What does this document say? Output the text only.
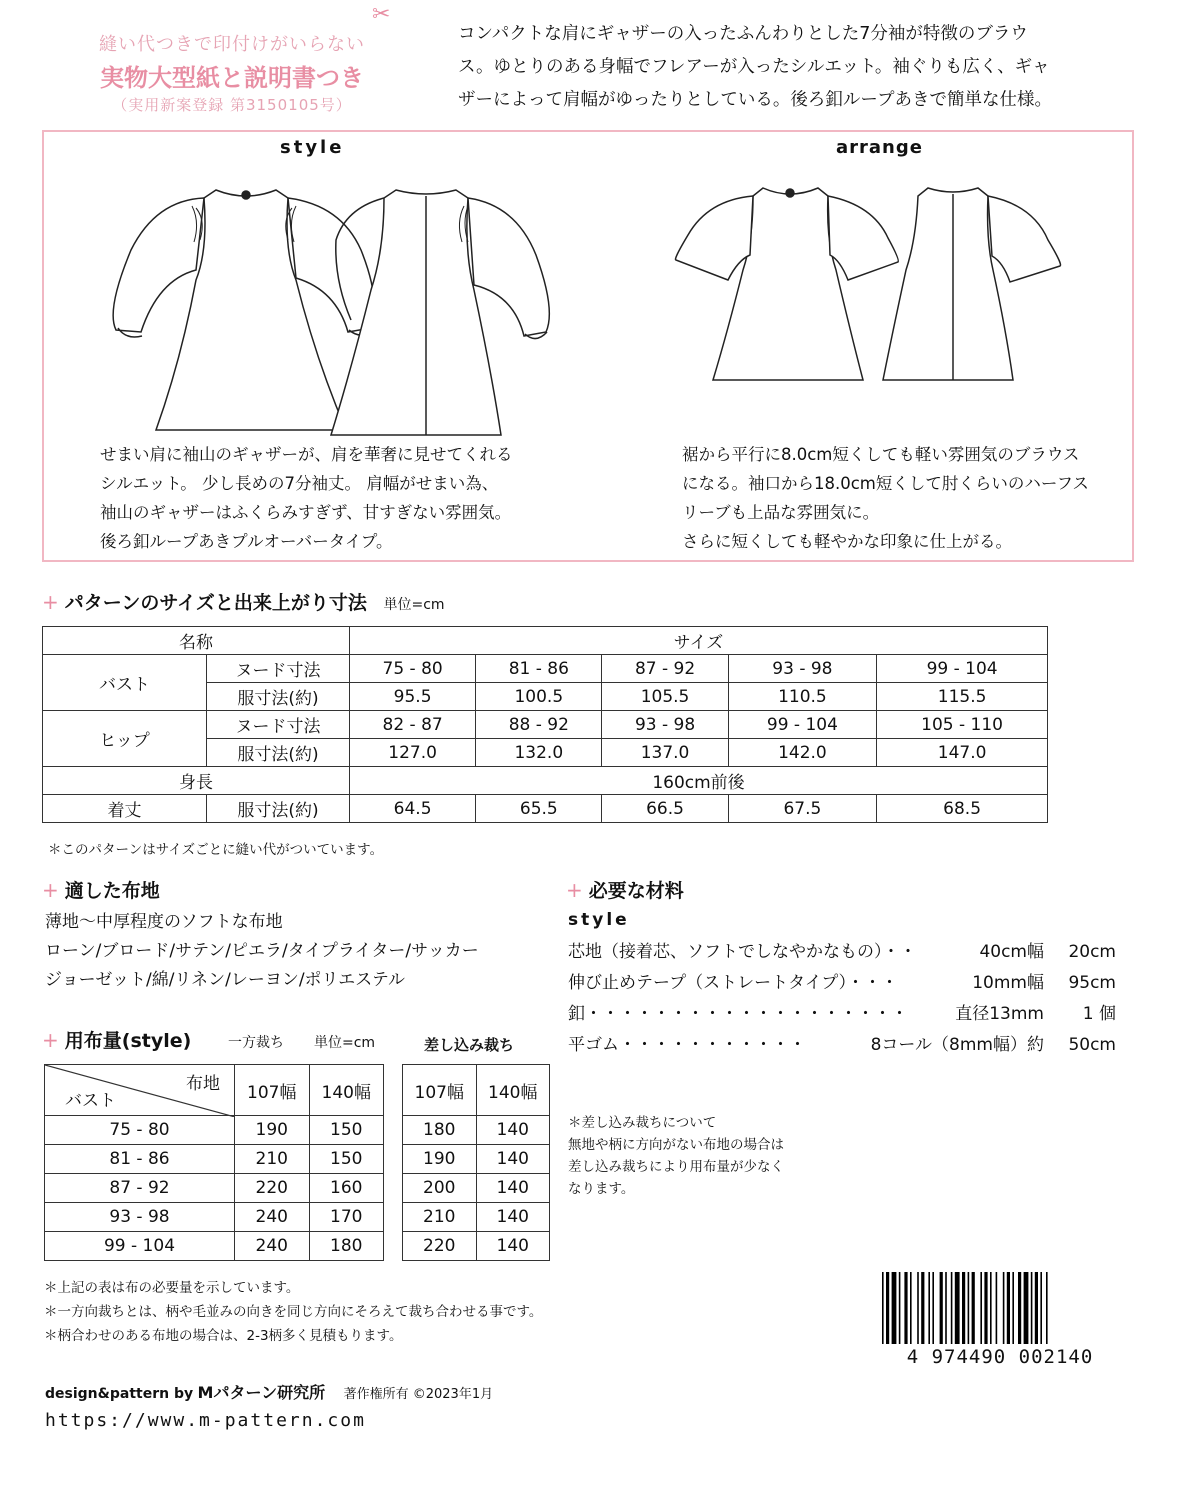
✂
縫い代つきで印付けがいらない
実物大型紙と説明書つき
（実用新案登録 第3150105号）
コンパクトな肩にギャザーの入ったふんわりとした7分袖が特徴のブラウ
ス。ゆとりのある身幅でフレアーが入ったシルエット。袖ぐりも広く、ギャ
ザーによって肩幅がゆったりとしている。後ろ釦ループあきで簡単な仕様。
style	arrange
せまい肩に袖山のギャザーが、肩を華奢に見せてくれる
シルエット。 少し長めの7分袖丈。 肩幅がせまい為、
袖山のギャザーはふくらみすぎず、甘すぎない雰囲気。
後ろ釦ループあきプルオーバータイプ。
裾から平行に8.0cm短くしても軽い雰囲気のブラウス
になる。袖口から18.0cm短くして肘くらいのハーフス
リーブも上品な雰囲気に。
さらに短くしても軽やかな印象に仕上がる。
+ パターンのサイズと出来上がり寸法 単位=cm
名称		サイズ				
バスト	ヌード寸法	75 - 80	81 - 86	87 - 92	93 - 98	99 - 104
	服寸法(約)	95.5	100.5	105.5	110.5	115.5
ヒップ	ヌード寸法	82 - 87	88 - 92	93 - 98	99 - 104	105 - 110
	服寸法(約)	127.0	132.0	137.0	142.0	147.0
身長		160cm前後				
着丈	服寸法(約)	64.5	65.5	66.5	67.5	68.5
＊このパターンはサイズごとに縫い代がついています。
+ 適した布地
薄地〜中厚程度のソフトな布地
ローン/ブロード/サテン/ピエラ/タイプライター/サッカー
ジョーゼット/綿/リネン/レーヨン/ポリエステル
+ 用布量(style)	一方裁ち 単位=cm	差し込み裁ち
布地
バスト	107幅	140幅
75 - 80	190	150
81 - 86	210	150
87 - 92	220	160
93 - 98	240	170
99 - 104	240	180
107幅	140幅
180	140
190	140
200	140
210	140
220	140
＊上記の表は布の必要量を示しています。
＊一方向裁ちとは、柄や毛並みの向きを同じ方向にそろえて裁ち合わせる事です。
＊柄合わせのある布地の場合は、2-3柄多く見積もります。
+ 必要な材料
style
芯地（接着芯、ソフトでしなやかなもの）・・	40cm幅	20cm
伸び止めテープ（ストレートタイプ）・・・	10mm幅	95cm
釦・・・・・・・・・・・・・・・・・・・	直径13mm	1 個
平ゴム・・・・・・・・・・・	8コール（8mm幅）約	50cm
＊差し込み裁ちについて
無地や柄に方向がない布地の場合は
差し込み裁ちにより用布量が少なく
なります。
4 974490 002140
design&pattern by Mパターン研究所 著作権所有 ©2023年1月
https://www.m-pattern.com
